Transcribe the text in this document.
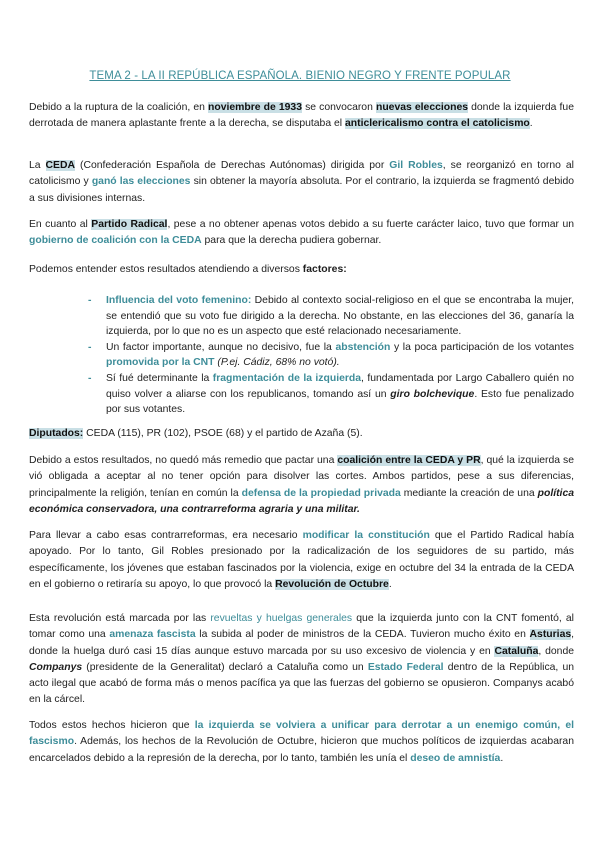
TEMA 2 - LA II REPÚBLICA ESPAÑOLA. BIENIO NEGRO Y FRENTE POPULAR

Debido a la ruptura de la coalición, en noviembre de 1933 se convocaron nuevas elecciones donde la izquierda fue derrotada de manera aplastante frente a la derecha, se disputaba el anticlericalismo contra el catolicismo.

La CEDA (Confederación Española de Derechas Autónomas) dirigida por Gil Robles, se reorganizó en torno al catolicismo y ganó las elecciones sin obtener la mayoría absoluta. Por el contrario, la izquierda se fragmentó debido a sus divisiones internas.

En cuanto al Partido Radical, pese a no obtener apenas votos debido a su fuerte carácter laico, tuvo que formar un gobierno de coalición con la CEDA para que la derecha pudiera gobernar.

Podemos entender estos resultados atendiendo a diversos factores:

- Influencia del voto femenino: Debido al contexto social-religioso en el que se encontraba la mujer, se entendió que su voto fue dirigido a la derecha. No obstante, en las elecciones del 36, ganaría la izquierda, por lo que no es un aspecto que esté relacionado necesariamente.
- Un factor importante, aunque no decisivo, fue la abstención y la poca participación de los votantes promovida por la CNT (P.ej. Cádiz, 68% no votó).
- Sí fué determinante la fragmentación de la izquierda, fundamentada por Largo Caballero quién no quiso volver a aliarse con los republicanos, tomando así un giro bolchevique. Esto fue penalizado por sus votantes.

Diputados: CEDA (115), PR (102), PSOE (68) y el partido de Azaña (5).

Debido a estos resultados, no quedó más remedio que pactar una coalición entre la CEDA y PR, qué la izquierda se vió obligada a aceptar al no tener opción para disolver las cortes. Ambos partidos, pese a sus diferencias, principalmente la religión, tenían en común la defensa de la propiedad privada mediante la creación de una política económica conservadora, una contrarreforma agraria y una militar.

Para llevar a cabo esas contrarreformas, era necesario modificar la constitución que el Partido Radical había apoyado. Por lo tanto, Gil Robles presionado por la radicalización de los seguidores de su partido, más específicamente, los jóvenes que estaban fascinados por la violencia, exige en octubre del 34 la entrada de la CEDA en el gobierno o retiraría su apoyo, lo que provocó la Revolución de Octubre.

Esta revolución está marcada por las revueltas y huelgas generales que la izquierda junto con la CNT fomentó, al tomar como una amenaza fascista la subida al poder de ministros de la CEDA. Tuvieron mucho éxito en Asturias, donde la huelga duró casi 15 días aunque estuvo marcada por su uso excesivo de violencia y en Cataluña, donde Companys (presidente de la Generalitat) declaró a Cataluña como un Estado Federal dentro de la República, un acto ilegal que acabó de forma más o menos pacífica ya que las fuerzas del gobierno se opusieron. Companys acabó en la cárcel.

Todos estos hechos hicieron que la izquierda se volviera a unificar para derrotar a un enemigo común, el fascismo. Además, los hechos de la Revolución de Octubre, hicieron que muchos políticos de izquierdas acabaran encarcelados debido a la represión de la derecha, por lo tanto, también les unía el deseo de amnistía.
